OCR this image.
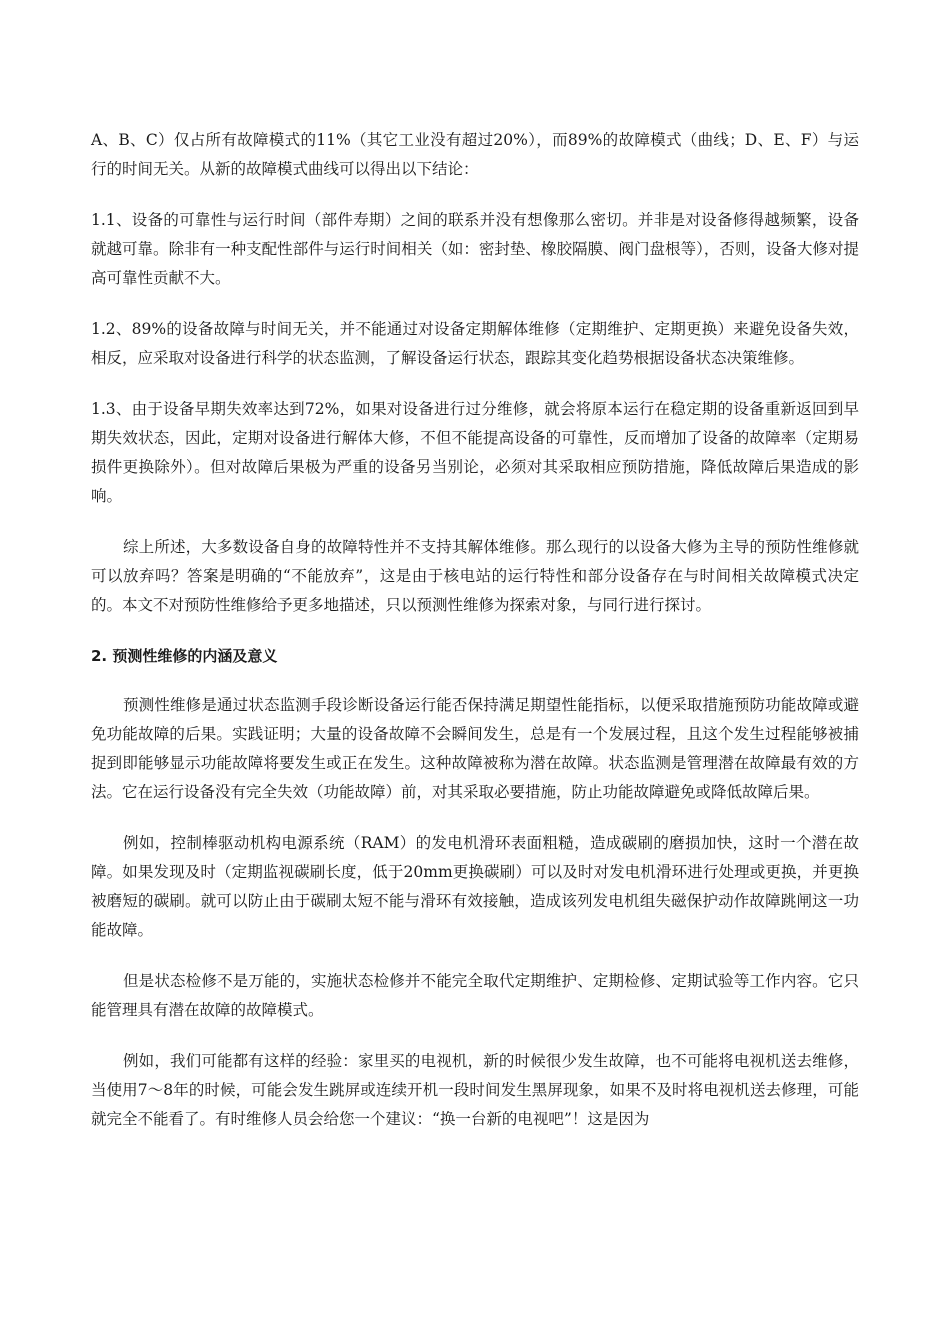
A、B、C）仅占所有故障模式的11%（其它工业没有超过20%），而89%的故障模式（曲线；D、E、F）与运行的时间无关。从新的故障模式曲线可以得出以下结论：

1.1、设备的可靠性与运行时间（部件寿期）之间的联系并没有想像那么密切。并非是对设备修得越频繁，设备就越可靠。除非有一种支配性部件与运行时间相关（如：密封垫、橡胶隔膜、阀门盘根等），否则，设备大修对提高可靠性贡献不大。

1.2、89%的设备故障与时间无关，并不能通过对设备定期解体维修（定期维护、定期更换）来避免设备失效，相反，应采取对设备进行科学的状态监测，了解设备运行状态，跟踪其变化趋势根据设备状态决策维修。

1.3、由于设备早期失效率达到72%，如果对设备进行过分维修，就会将原本运行在稳定期的设备重新返回到早期失效状态，因此，定期对设备进行解体大修，不但不能提高设备的可靠性，反而增加了设备的故障率（定期易损件更换除外）。但对故障后果极为严重的设备另当别论，必须对其采取相应预防措施，降低故障后果造成的影响。

综上所述，大多数设备自身的故障特性并不支持其解体维修。那么现行的以设备大修为主导的预防性维修就可以放弃吗？答案是明确的“不能放弃”，这是由于核电站的运行特性和部分设备存在与时间相关故障模式决定的。本文不对预防性维修给予更多地描述，只以预测性维修为探索对象，与同行进行探讨。

2. 预测性维修的内涵及意义

预测性维修是通过状态监测手段诊断设备运行能否保持满足期望性能指标，以便采取措施预防功能故障或避免功能故障的后果。实践证明；大量的设备故障不会瞬间发生，总是有一个发展过程，且这个发生过程能够被捕捉到即能够显示功能故障将要发生或正在发生。这种故障被称为潜在故障。状态监测是管理潜在故障最有效的方法。它在运行设备没有完全失效（功能故障）前，对其采取必要措施，防止功能故障避免或降低故障后果。

例如，控制棒驱动机构电源系统（RAM）的发电机滑环表面粗糙，造成碳刷的磨损加快，这时一个潜在故障。如果发现及时（定期监视碳刷长度，低于20mm更换碳刷）可以及时对发电机滑环进行处理或更换，并更换被磨短的碳刷。就可以防止由于碳刷太短不能与滑环有效接触，造成该列发电机组失磁保护动作故障跳闸这一功能故障。

但是状态检修不是万能的，实施状态检修并不能完全取代定期维护、定期检修、定期试验等工作内容。它只能管理具有潜在故障的故障模式。

例如，我们可能都有这样的经验：家里买的电视机，新的时候很少发生故障，也不可能将电视机送去维修，当使用7～8年的时候，可能会发生跳屏或连续开机一段时间发生黑屏现象，如果不及时将电视机送去修理，可能就完全不能看了。有时维修人员会给您一个建议：“换一台新的电视吧”！这是因为
